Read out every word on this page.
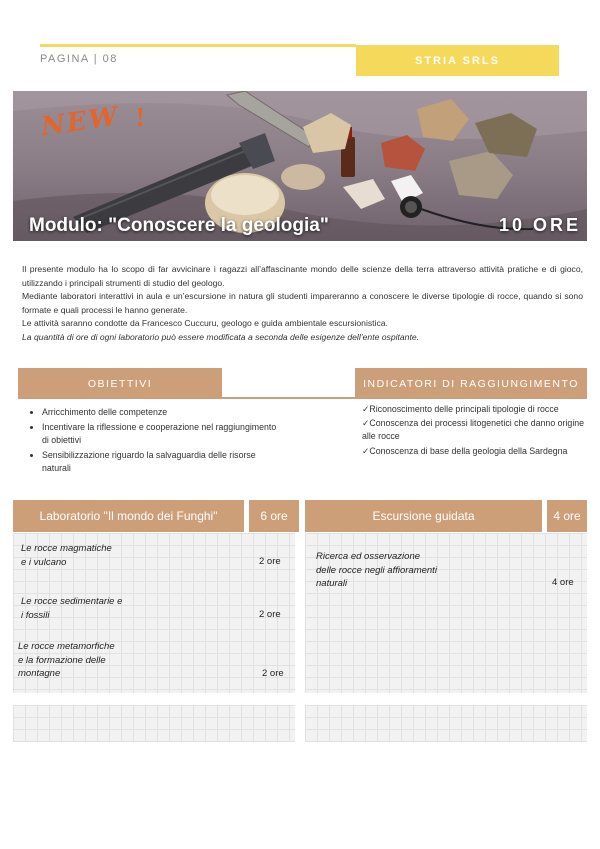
PAGINA | 08	STRIA SRLS
NEW !
Modulo: "Conoscere la geologia"	10 ORE

Il presente modulo ha lo scopo di far avvicinare i ragazzi all’affascinante mondo delle scienze della terra attraverso attività pratiche e di gioco, utilizzando i principali strumenti di studio del geologo.

Mediante laboratori interattivi in aula e un’escursione in natura gli studenti impareranno a conoscere le diverse tipologie di rocce, quando si sono formate e quali processi le hanno generate.

Le attività saranno condotte da Francesco Cuccuru, geologo e guida ambientale escursionistica.

La quantità di ore di ogni laboratorio può essere modificata a seconda delle esigenze dell’ente ospitante.

OBIETTIVI	INDICATORI DI RAGGIUNGIMENTO
• Arricchimento delle competenze
• Incentivare la riflessione e cooperazione nel raggiungimento di obiettivi
• Sensibilizzazione riguardo la salvaguardia delle risorse naturali
✓Riconoscimento delle principali tipologie di rocce
✓Conoscenza dei processi litogenetici che danno origine alle rocce
✓Conoscenza di base della geologia della Sardegna
Laboratorio "Il mondo dei Funghi"	6 ore
Le rocce magmatiche
e i vulcano	2 ore
Le rocce sedimentarie e
i fossili	2 ore
Le rocce metamorfiche
e la formazione delle
montagne	2 ore
Escursione guidata	4 ore
Ricerca ed osservazione
delle rocce negli affioramenti
naturali	4 ore
